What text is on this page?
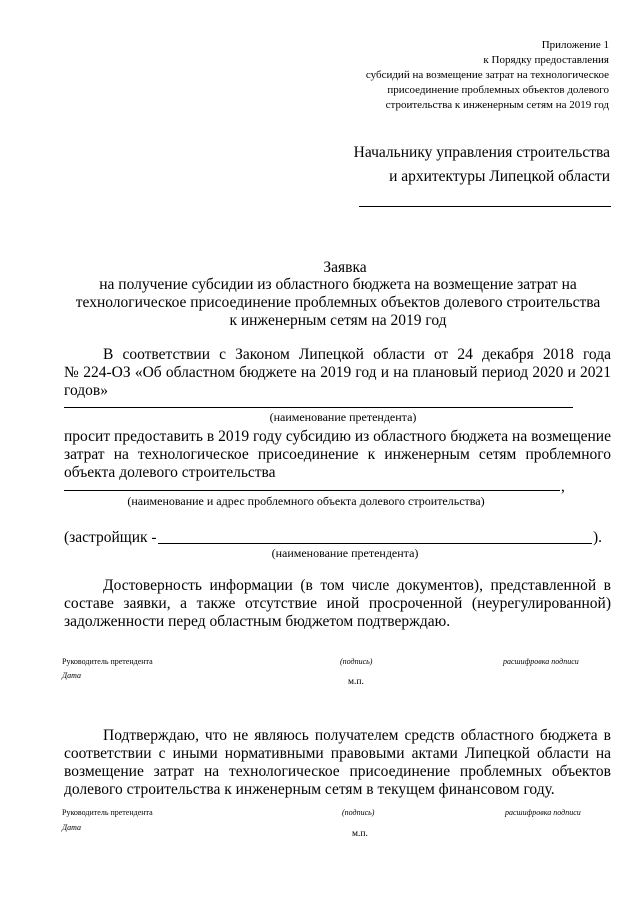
Приложение 1
к Порядку предоставления
субсидий на возмещение затрат на технологическое
присоединение проблемных объектов долевого
строительства к инженерным сетям на 2019 год
Начальнику управления строительства
и архитектуры Липецкой области
Заявка
на получение субсидии из областного бюджета на возмещение затрат на
технологическое присоединение проблемных объектов долевого строительства
к инженерным сетям на 2019 год
В соответствии с Законом Липецкой области от 24 декабря 2018 года
№ 224-ОЗ «Об областном бюджете на 2019 год и на плановый период 2020 и 2021
годов»
(наименование претендента)
просит предоставить в 2019 году субсидию из областного бюджета на возмещение
затрат на технологическое присоединение к инженерным сетям проблемного
объекта долевого строительства
,
(наименование и адрес проблемного объекта долевого строительства)
(застройщик -	).
(наименование претендента)
Достоверность информации (в том числе документов), представленной в
составе заявки, а также отсутствие иной просроченной (неурегулированной)
задолженности перед областным бюджетом подтверждаю.
Руководитель претендента	(подпись)	расшифровка подписи
Дата
м.п.
Подтверждаю, что не являюсь получателем средств областного бюджета в
соответствии с иными нормативными правовыми актами Липецкой области на
возмещение затрат на технологическое присоединение проблемных объектов
долевого строительства к инженерным сетям в текущем финансовом году.
Руководитель претендента	(подпись)	расшифровка подписи
Дата
м.п.
